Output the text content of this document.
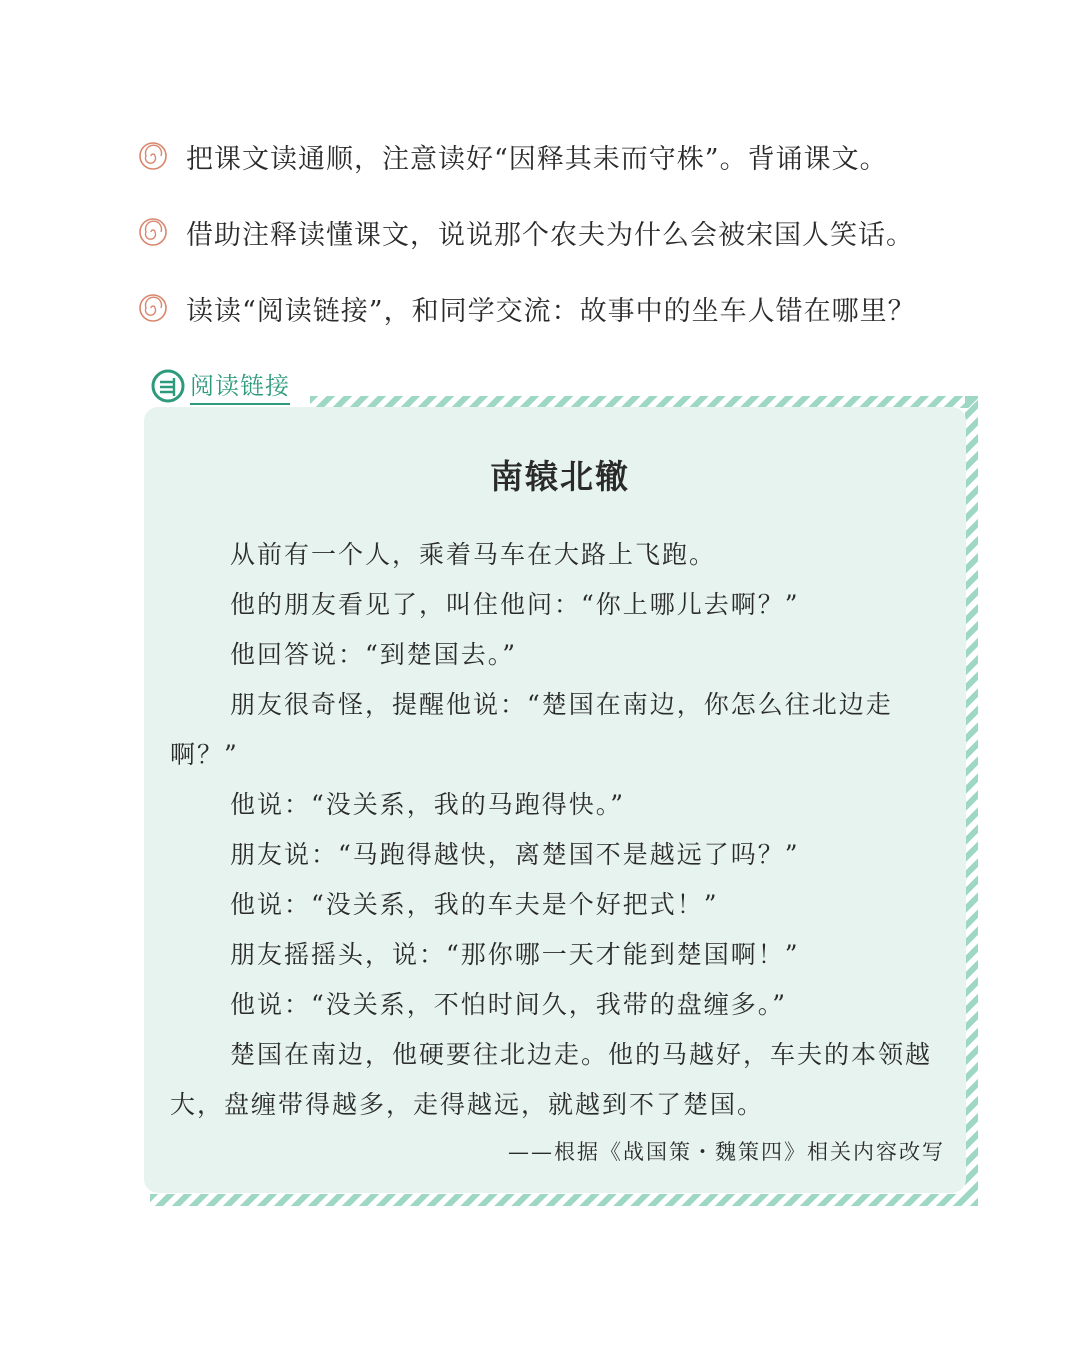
把课文读通顺，注意读好“因释其耒而守株”。背诵课文。
借助注释读懂课文，说说那个农夫为什么会被宋国人笑话。
读读“阅读链接”，和同学交流：故事中的坐车人错在哪里？
阅读链接
南辕北辙

从前有一个人，乘着马车在大路上飞跑。

他的朋友看见了，叫住他问：“你上哪儿去啊？”

他回答说：“到楚国去。”

朋友很奇怪，提醒他说：“楚国在南边，你怎么往北边走啊？”

他说：“没关系，我的马跑得快。”

朋友说：“马跑得越快，离楚国不是越远了吗？”

他说：“没关系，我的车夫是个好把式！”

朋友摇摇头，说：“那你哪一天才能到楚国啊！”

他说：“没关系，不怕时间久，我带的盘缠多。”

楚国在南边，他硬要往北边走。他的马越好，车夫的本领越大，盘缠带得越多，走得越远，就越到不了楚国。

——根据《战国策・魏策四》相关内容改写
